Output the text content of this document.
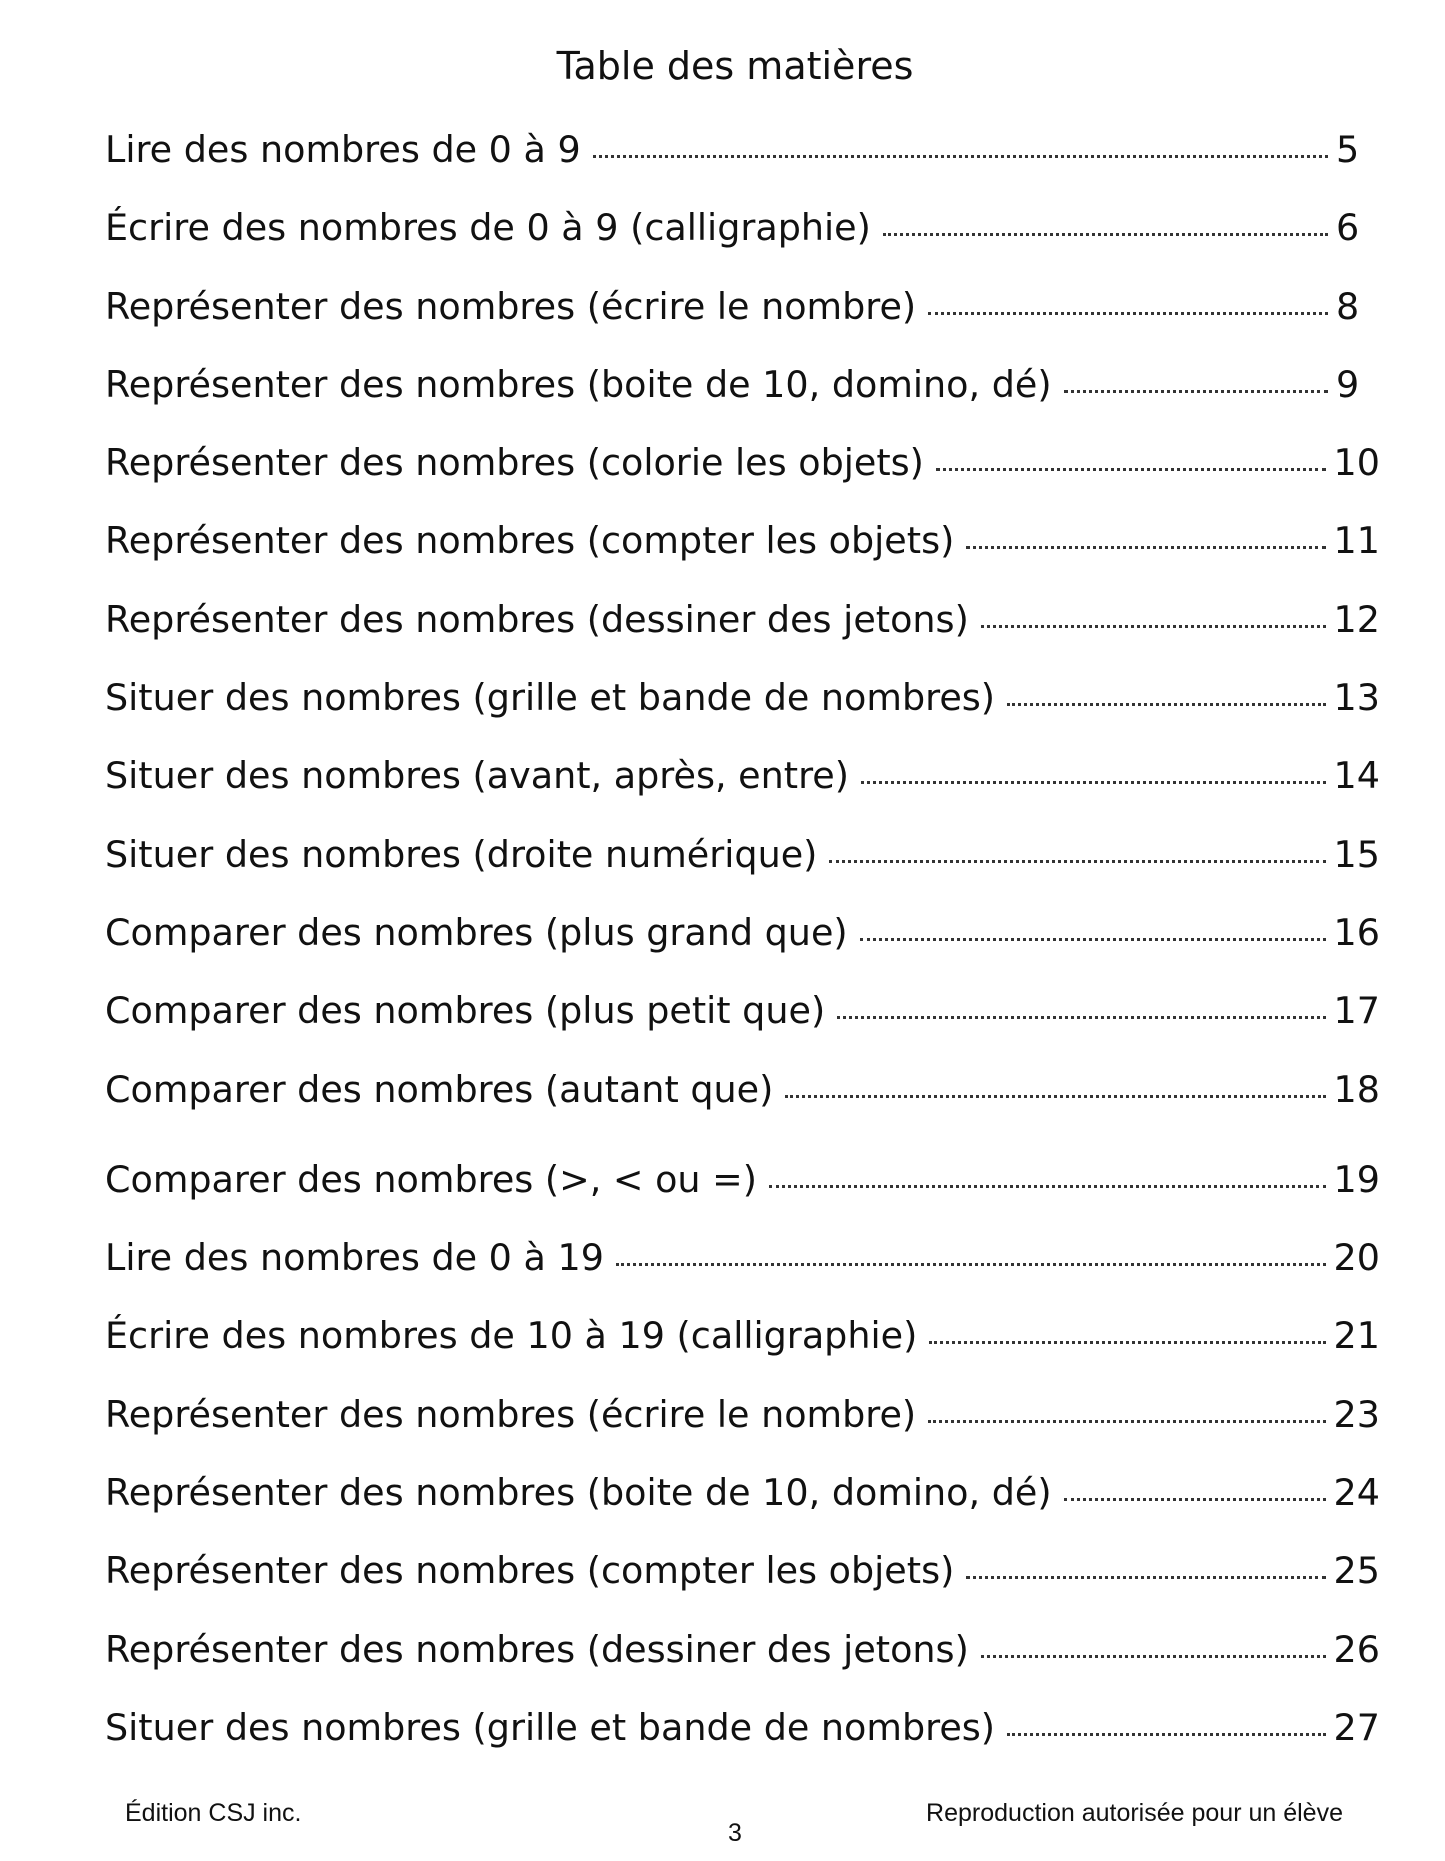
Table des matières
Lire des nombres de 0 à 9	5
Écrire des nombres de 0 à 9 (calligraphie)	6
Représenter des nombres (écrire le nombre)	8
Représenter des nombres (boite de 10, domino, dé)	9
Représenter des nombres (colorie les objets)	10
Représenter des nombres (compter les objets)	11
Représenter des nombres (dessiner des jetons)	12
Situer des nombres (grille et bande de nombres)	13
Situer des nombres (avant, après, entre)	14
Situer des nombres (droite numérique)	15
Comparer des nombres (plus grand que)	16
Comparer des nombres (plus petit que)	17
Comparer des nombres (autant que)	18
Comparer des nombres (>, < ou =)	19
Lire des nombres de 0 à 19	20
Écrire des nombres de 10 à 19 (calligraphie)	21
Représenter des nombres (écrire le nombre)	23
Représenter des nombres (boite de 10, domino, dé)	24
Représenter des nombres (compter les objets)	25
Représenter des nombres (dessiner des jetons)	26
Situer des nombres (grille et bande de nombres)	27
Édition CSJ inc.
3
Reproduction autorisée pour un élève
